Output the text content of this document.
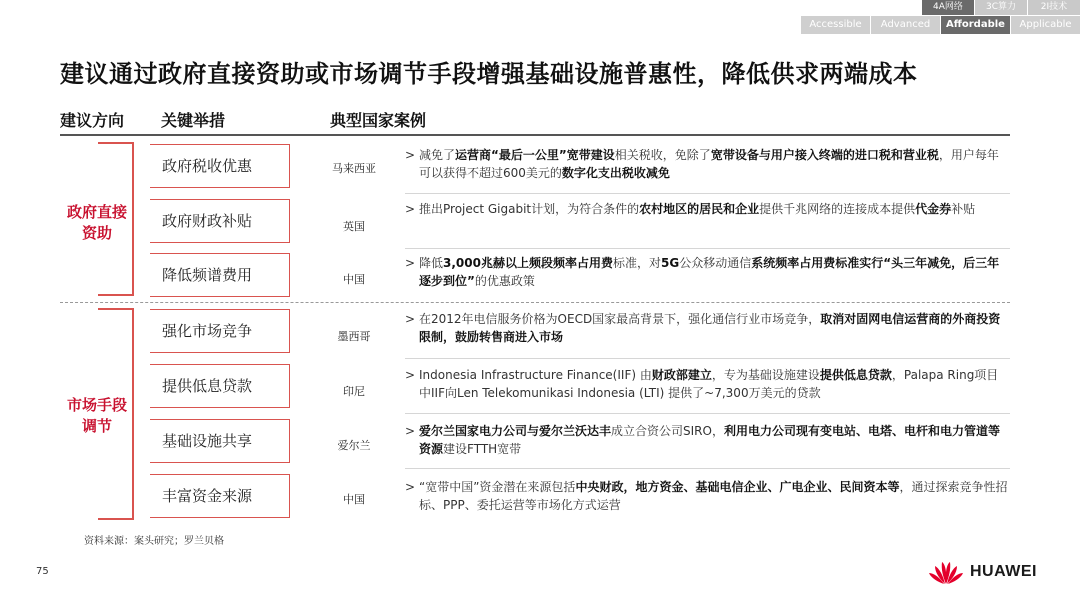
4A网络	3C算力	2I技术
Accessible	Advanced	Affordable	Applicable
建议通过政府直接资助或市场调节手段增强基础设施普惠性，降低供求两端成本
建议方向 关键举措	典型国家案例
政府直接资助
市场手段调节
政府税收优惠	马来西亚
> 减免了运营商“最后一公里”宽带建设相关税收，免除了宽带设备与用户接入终端的进口税和营业税，用户每年可以获得不超过600美元的数字化支出税收减免
政府财政补贴	英国
> 推出Project Gigabit计划，为符合条件的农村地区的居民和企业提供千兆网络的连接成本提供代金券补贴
降低频谱费用	中国
> 降低3,000兆赫以上频段频率占用费标准，对5G公众移动通信系统频率占用费标准实行“头三年减免，后三年逐步到位”的优惠政策
强化市场竞争	墨西哥
> 在2012年电信服务价格为OECD国家最高背景下，强化通信行业市场竞争，取消对固网电信运营商的外商投资限制，鼓励转售商进入市场
提供低息贷款	印尼
> Indonesia Infrastructure Finance(IIF) 由财政部建立，专为基础设施建设提供低息贷款，Palapa Ring项目中IIF向Len Telekomunikasi Indonesia (LTI) 提供了~7,300万美元的贷款
基础设施共享	爱尔兰
> 爱尔兰国家电力公司与爱尔兰沃达丰成立合资公司SIRO，利用电力公司现有变电站、电塔、电杆和电力管道等资源建设FTTH宽带
丰富资金来源	中国
> “宽带中国”资金潜在来源包括中央财政，地方资金、基础电信企业、广电企业、民间资本等，通过探索竞争性招标、PPP、委托运营等市场化方式运营
资料来源：案头研究；罗兰贝格
75	HUAWEI
